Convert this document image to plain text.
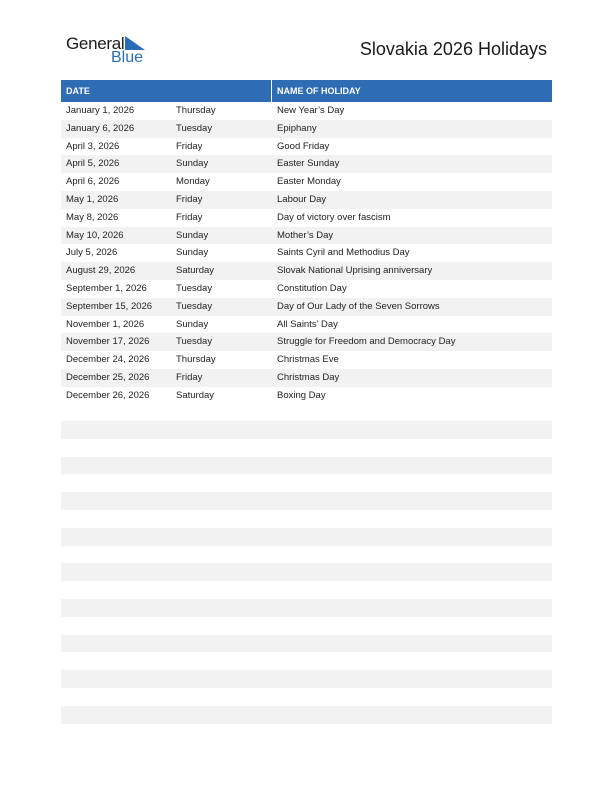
General
Blue	Slovakia 2026 Holidays
DATE	NAME OF HOLIDAY
January 1, 2026	Thursday	New Year’s Day
January 6, 2026	Tuesday	Epiphany
April 3, 2026	Friday	Good Friday
April 5, 2026	Sunday	Easter Sunday
April 6, 2026	Monday	Easter Monday
May 1, 2026	Friday	Labour Day
May 8, 2026	Friday	Day of victory over fascism
May 10, 2026	Sunday	Mother’s Day
July 5, 2026	Sunday	Saints Cyril and Methodius Day
August 29, 2026	Saturday	Slovak National Uprising anniversary
September 1, 2026	Tuesday	Constitution Day
September 15, 2026	Tuesday	Day of Our Lady of the Seven Sorrows
November 1, 2026	Sunday	All Saints’ Day
November 17, 2026	Tuesday	Struggle for Freedom and Democracy Day
December 24, 2026	Thursday	Christmas Eve
December 25, 2026	Friday	Christmas Day
December 26, 2026	Saturday	Boxing Day
